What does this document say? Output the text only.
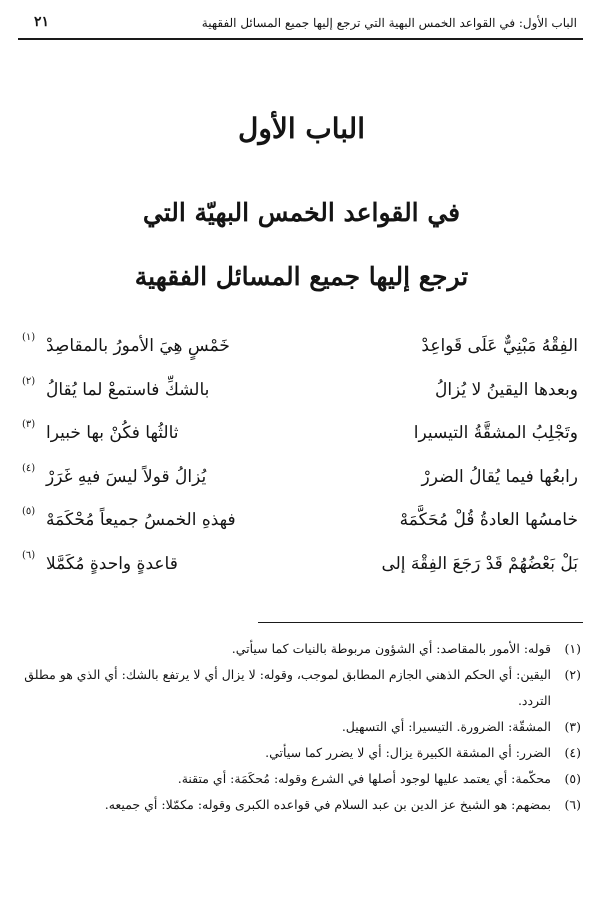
الباب الأول: في القواعد الخمس البهية التي ترجع إليها جميع المسائل الفقهية
٢١
الباب الأول
في القواعد الخمس البهيّة التي
ترجع إليها جميع المسائل الفقهية
الفِقْهُ مَبْنِيٌّ عَلَى قَواعِدْ
خَمْسٍ هِيَ الأمورُ بالمقاصِدْ
(١)
وبعدها اليقينُ لا يُزالُ
بالشكِّ فاستمعْ لما يُقالُ
(٢)
وتَجْلِبُ المشقَّةُ التيسيرا
ثالثُها فكُنْ بها خبيرا
(٣)
رابعُها فيما يُقالُ الضررْ
يُزالُ قولاً ليسَ فيهِ غَرَرْ
(٤)
خامسُها العادةُ قُلْ مُحَكَّمَهْ
فهذهِ الخمسُ جميعاً مُحْكَمَهْ
(٥)
بَلْ بَعْضُهُمْ قَدْ رَجَعَ الفِقْهَ إلى
قاعدةٍ واحدةٍ مُكَمَّلا
(٦)
(١)
قوله: الأمور بالمقاصد: أي الشؤون مربوطة بالنيات كما سيأتي.
(٢)
اليقين: أي الحكم الذهني الجازم المطابق لموجب، وقوله: لا يزال أي لا يرتفع بالشك: أي الذي هو مطلق التردد.
(٣)
المشقّة: الضرورة. التيسيرا: أي التسهيل.
(٤)
الضرر: أي المشقة الكبيرة يزال: أي لا يضرر كما سيأتي.
(٥)
محكّمة: أي يعتمد عليها لوجود أصلها في الشرع وقوله: مُحكَمَة: أي متقنة.
(٦)
بمضهم: هو الشيخ عز الدين بن عبد السلام في قواعده الكبرى وقوله: مكمّلا: أي جميعه.
